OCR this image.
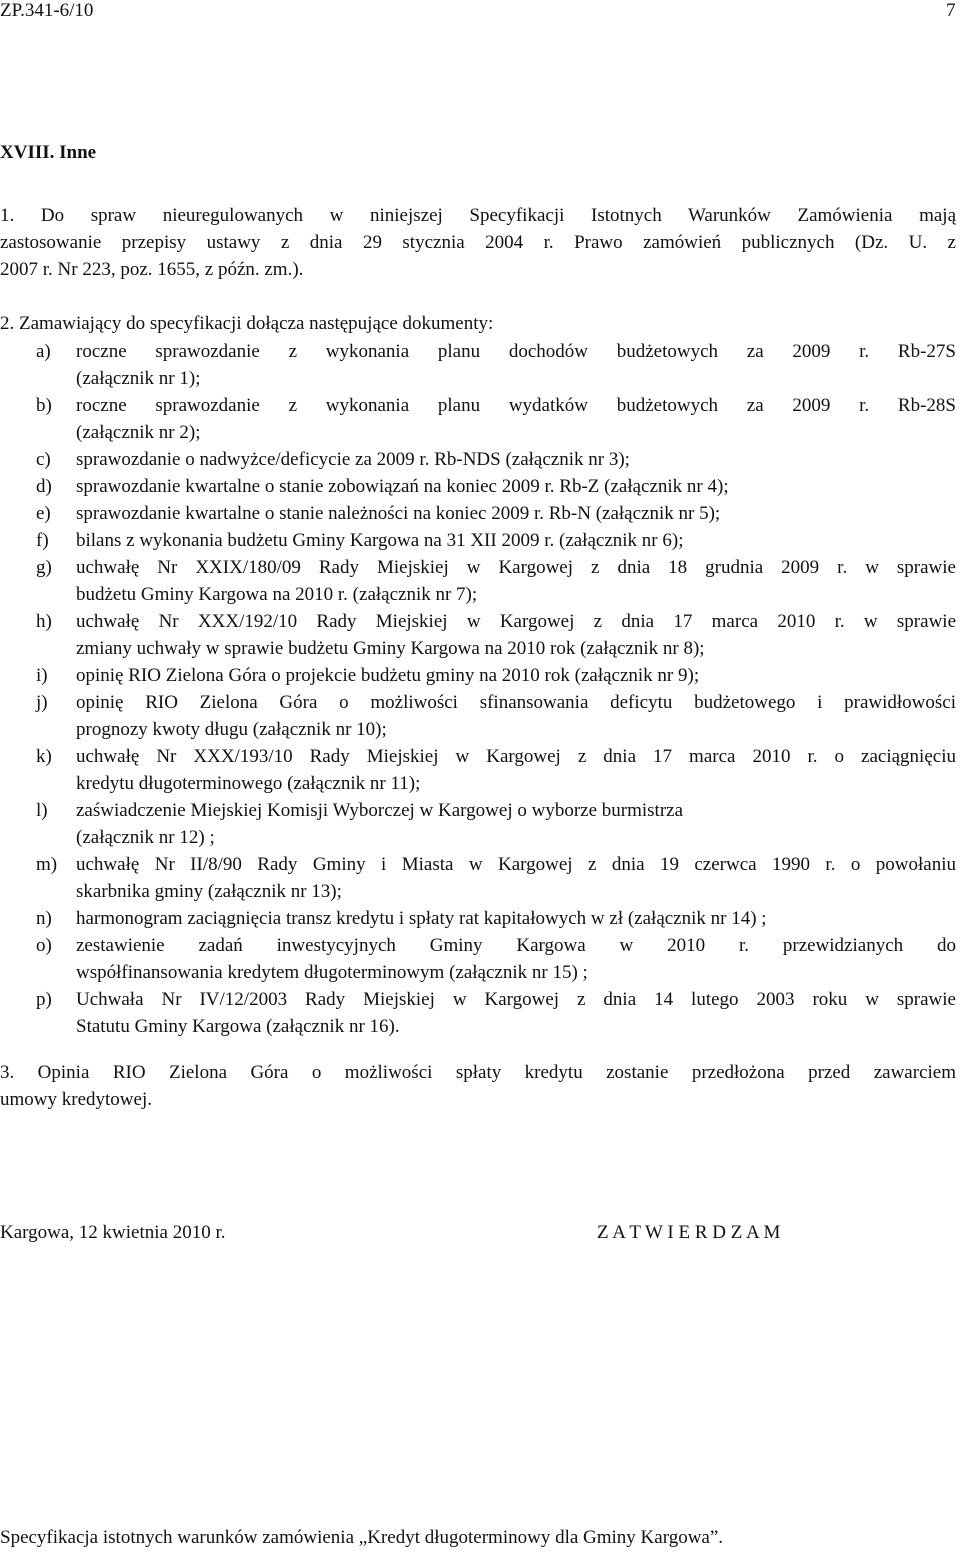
ZP.341-6/10	7
XVIII. Inne
1. Do spraw nieuregulowanych w niniejszej Specyfikacji Istotnych Warunków Zamówienia mają
zastosowanie przepisy ustawy z dnia 29 stycznia 2004 r. Prawo zamówień publicznych (Dz. U. z
2007 r. Nr 223, poz. 1655, z późn. zm.).
2. Zamawiający do specyfikacji dołącza następujące dokumenty:
a) roczne sprawozdanie z wykonania planu dochodów budżetowych za 2009 r. Rb-27S
(załącznik nr 1);
b) roczne sprawozdanie z wykonania planu wydatków budżetowych za 2009 r. Rb-28S
(załącznik nr 2);
c) sprawozdanie o nadwyżce/deficycie za 2009 r. Rb-NDS (załącznik nr 3);
d) sprawozdanie kwartalne o stanie zobowiązań na koniec 2009 r. Rb-Z (załącznik nr 4);
e) sprawozdanie kwartalne o stanie należności na koniec 2009 r. Rb-N (załącznik nr 5);
f) bilans z wykonania budżetu Gminy Kargowa na 31 XII 2009 r. (załącznik nr 6);
g) uchwałę Nr XXIX/180/09 Rady Miejskiej w Kargowej z dnia 18 grudnia 2009 r. w sprawie
budżetu Gminy Kargowa na 2010 r. (załącznik nr 7);
h) uchwałę Nr XXX/192/10 Rady Miejskiej w Kargowej z dnia 17 marca 2010 r. w sprawie
zmiany uchwały w sprawie budżetu Gminy Kargowa na 2010 rok (załącznik nr 8);
i) opinię RIO Zielona Góra o projekcie budżetu gminy na 2010 rok (załącznik nr 9);
j) opinię RIO Zielona Góra o możliwości sfinansowania deficytu budżetowego i prawidłowości
prognozy kwoty długu (załącznik nr 10);
k) uchwałę Nr XXX/193/10 Rady Miejskiej w Kargowej z dnia 17 marca 2010 r. o zaciągnięciu
kredytu długoterminowego (załącznik nr 11);
l) zaświadczenie Miejskiej Komisji Wyborczej w Kargowej o wyborze burmistrza
(załącznik nr 12) ;
m) uchwałę Nr II/8/90 Rady Gminy i Miasta w Kargowej z dnia 19 czerwca 1990 r. o powołaniu
skarbnika gminy (załącznik nr 13);
n) harmonogram zaciągnięcia transz kredytu i spłaty rat kapitałowych w zł (załącznik nr 14) ;
o) zestawienie zadań inwestycyjnych Gminy Kargowa w 2010 r. przewidzianych do
współfinansowania kredytem długoterminowym (załącznik nr 15) ;
p) Uchwała Nr IV/12/2003 Rady Miejskiej w Kargowej z dnia 14 lutego 2003 roku w sprawie
Statutu Gminy Kargowa (załącznik nr 16).
3. Opinia RIO Zielona Góra o możliwości spłaty kredytu zostanie przedłożona przed zawarciem
umowy kredytowej.
Kargowa, 12 kwietnia 2010 r.	Z A T W I E R D Z A M
Specyfikacja istotnych warunków zamówienia „Kredyt długoterminowy dla Gminy Kargowa”.
